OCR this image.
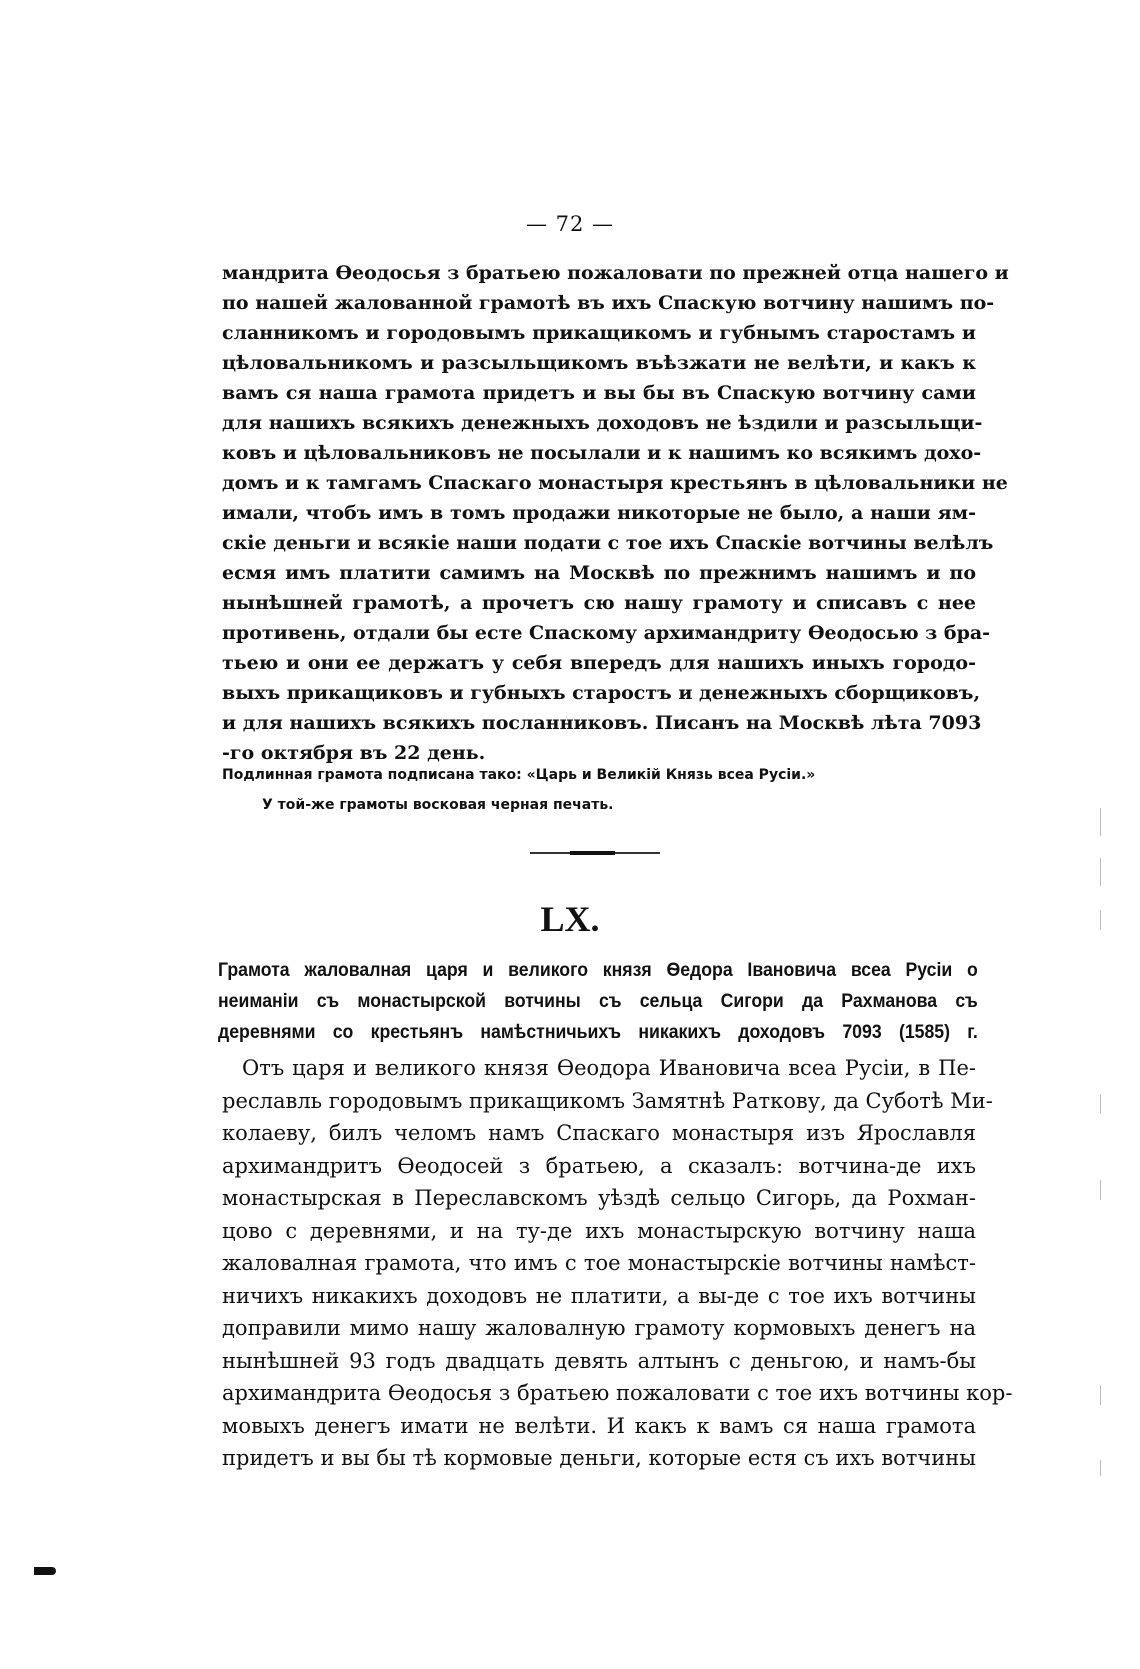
— 72 —
мандрита Ѳеодосья з братьею пожаловати по прежней отца нашего и
по нашей жалованной грамотѣ въ ихъ Спаскую вотчину нашимъ по-
сланникомъ и городовымъ прикащикомъ и губнымъ старостамъ и
цѣловальникомъ и разсыльщикомъ въѣзжати не велѣти, и какъ к
вамъ ся наша грамота придетъ и вы бы въ Спаскую вотчину сами
для нашихъ всякихъ денежныхъ доходовъ не ѣздили и разсыльщи-
ковъ и цѣловальниковъ не посылали и к нашимъ ко всякимъ дохо-
домъ и к тамгамъ Спаскаго монастыря крестьянъ в цѣловальники не
имали, чтобъ имъ в томъ продажи никоторые не было, а наши ям-
скіе деньги и всякіе наши подати с тое ихъ Спаскіе вотчины велѣлъ
есмя имъ платити самимъ на Москвѣ по прежнимъ нашимъ и по
нынѣшней грамотѣ, а прочетъ сю нашу грамоту и списавъ с нее
противень, отдали бы есте Спаскому архимандриту Ѳеодосью з бра-
тьею и они ее держатъ у себя впередъ для нашихъ иныхъ городо-
выхъ прикащиковъ и губныхъ старостъ и денежныхъ сборщиковъ,
и для нашихъ всякихъ посланниковъ. Писанъ на Москвѣ лѣта 7093
-го октября въ 22 день.
Подлинная грамота подписана тако: «Царь и Великій Князь всеа Русіи.»
У той-же грамоты восковая черная печать.
LX.
Грамота жаловалная царя и великого князя Ѳедора Івановича всеа Русіи о
неиманіи съ монастырской вотчины съ сельца Сигори да Рахманова съ
деревнями со крестьянъ намѣстничьихъ никакихъ доходовъ 7093 (1585) г.
Отъ царя и великого князя Ѳеодора Ивановича всеа Русіи, в Пе-
реславль городовымъ прикащикомъ Замятнѣ Раткову, да Суботѣ Ми-
колаеву, билъ челомъ намъ Спаскаго монастыря изъ Ярославля
архимандритъ Ѳеодосей з братьею, а сказалъ: вотчина-де ихъ
монастырская в Переславскомъ уѣздѣ сельцо Сигорь, да Рохман-
цово с деревнями, и на ту-де ихъ монастырскую вотчину наша
жаловалная грамота, что имъ с тое монастырскіе вотчины намѣст-
ничихъ никакихъ доходовъ не платити, а вы-де с тое ихъ вотчины
доправили мимо нашу жаловалную грамоту кормовыхъ денегъ на
нынѣшней 93 годъ двадцать девять алтынъ с деньгою, и намъ-бы
архимандрита Ѳеодосья з братьею пожаловати с тое ихъ вотчины кор-
мовыхъ денегъ имати не велѣти. И какъ к вамъ ся наша грамота
придетъ и вы бы тѣ кормовые деньги, которые естя съ ихъ вотчины
